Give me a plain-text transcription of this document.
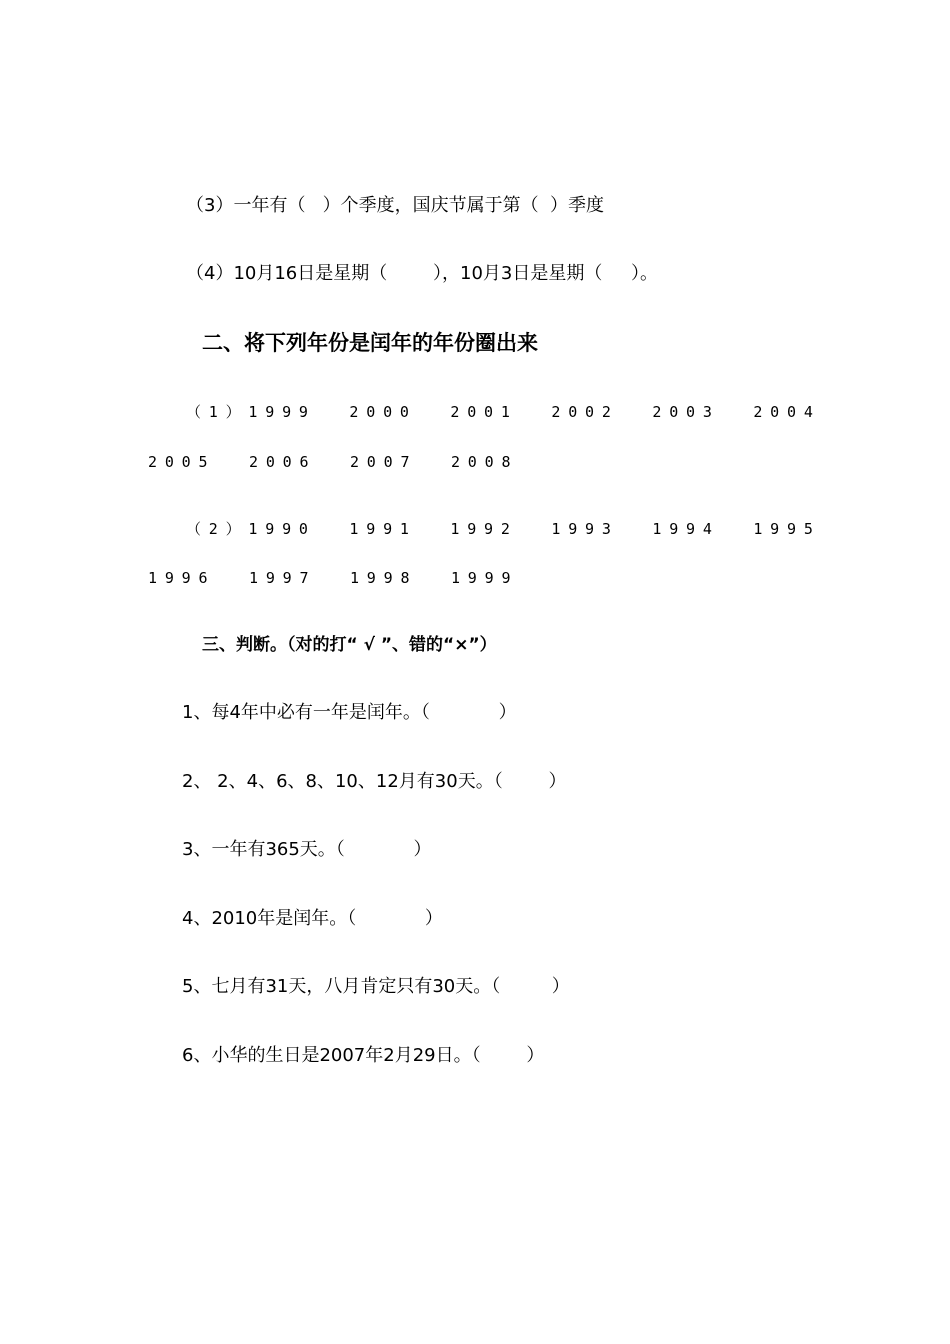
（3）一年有（   ）个季度，国庆节属于第（  ）季度
（4）10月16日是星期（        ），10月3日是星期（     ）。
二、将下列年份是闰年的年份圈出来
（1）1999  2000  2001  2002  2003  2004
2005  2006  2007  2008
（2）1990  1991  1992  1993  1994  1995
1996  1997  1998  1999
三、判断。（对的打“ √ ”、错的“×”）
1、每4年中必有一年是闰年。（            ）
2、 2、4、6、8、10、12月有30天。（        ）
3、一年有365天。（            ）
4、2010年是闰年。（            ）
5、七月有31天，八月肯定只有30天。（         ）
6、小华的生日是2007年2月29日。（        ）
